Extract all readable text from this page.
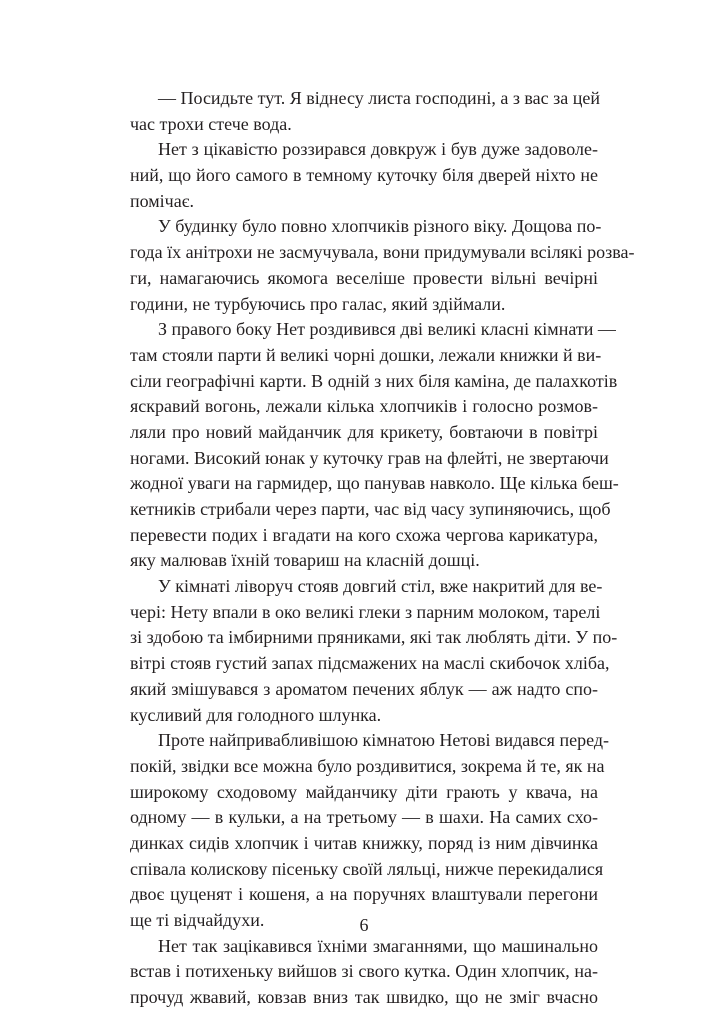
— Посидьте тут. Я віднесу листа господині, а з вас за цей
час трохи стече вода.
Нет з цікавістю роззирався довкруж і був дуже задоволе-
ний, що його самого в темному куточку біля дверей ніхто не
помічає.
У будинку було повно хлопчиків різного віку. Дощова по-
года їх анітрохи не засмучувала, вони придумували всілякі розва-
ги, намагаючись якомога веселіше провести вільні вечірні
години, не турбуючись про галас, який здіймали.
З правого боку Нет роздивився дві великі класні кімнати —
там стояли парти й великі чорні дошки, лежали книжки й ви-
сіли географічні карти. В одній з них біля каміна, де палахкотів
яскравий вогонь, лежали кілька хлопчиків і голосно розмов-
ляли про новий майданчик для крикету, бовтаючи в повітрі
ногами. Високий юнак у куточку грав на флейті, не звертаючи
жодної уваги на гармидер, що панував навколо. Ще кілька беш-
кетників стрибали через парти, час від часу зупиняючись, щоб
перевести подих і вгадати на кого схожа чергова карикатура,
яку малював їхній товариш на класній дошці.
У кімнаті ліворуч стояв довгий стіл, вже накритий для ве-
чері: Нету впали в око великі глеки з парним молоком, тарелі
зі здобою та імбирними пряниками, які так люблять діти. У по-
вітрі стояв густий запах підсмажених на маслі скибочок хліба,
який змішувався з ароматом печених яблук — аж надто спо-
кусливий для голодного шлунка.
Проте найпривабливішою кімнатою Нетові видався перед-
покій, звідки все можна було роздивитися, зокрема й те, як на
широкому сходовому майданчику діти грають у квача, на
одному — в кульки, а на третьому — в шахи. На самих схо-
динках сидів хлопчик і читав книжку, поряд із ним дівчинка
співала колискову пісеньку своїй ляльці, нижче перекидалися
двоє цуценят і кошеня, а на поручнях влаштували перегони
ще ті відчайдухи.
Нет так зацікавився їхніми змаганнями, що машинально
встав і потихеньку вийшов зі свого кутка. Один хлопчик, на-
прочуд жвавий, ковзав вниз так швидко, що не зміг вчасно
6
